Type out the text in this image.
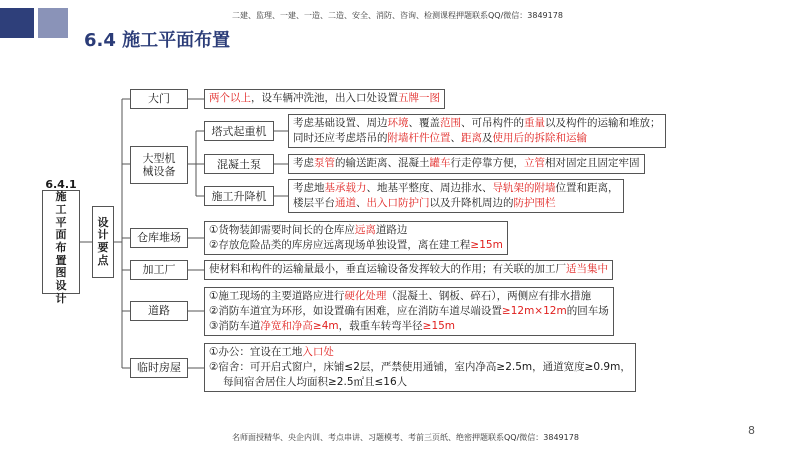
二建、监理、一建、一造、二造、安全、消防、咨询、检测课程押题联系QQ/微信：3849178
6.4 施工平面布置
6.4.1
施工平面布置图设计
设计要点
大门
大型机械设备
仓库堆场
加工厂
道路
临时房屋
塔式起重机
混凝土泵
施工升降机
两个以上，设车辆冲洗池，出入口处设置五牌一图
考虑基础设置、周边环境、覆盖范围、可吊构件的重量以及构件的运输和堆放；
同时还应考虑塔吊的附墙杆件位置、距离及使用后的拆除和运输
考虑泵管的输送距离、混凝土罐车行走停靠方便，立管相对固定且固定牢固
考虑地基承载力、地基平整度、周边排水、导轨架的附墙位置和距离，
楼层平台通道、出入口防护门以及升降机周边的防护围栏
①货物装卸需要时间长的仓库应远离道路边
②存放危险品类的库房应远离现场单独设置，离在建工程≥15m
使材料和构件的运输量最小，垂直运输设备发挥较大的作用；有关联的加工厂适当集中
①施工现场的主要道路应进行硬化处理（混凝土、钢板、碎石），两侧应有排水措施
②消防车道宜为环形，如设置确有困难，应在消防车道尽端设置≥12m×12m的回车场
③消防车道净宽和净高≥4m，载重车转弯半径≥15m
①办公：宜设在工地入口处
②宿舍：可开启式窗户，床铺≤2层，严禁使用通铺，室内净高≥2.5m，通道宽度≥0.9m，
每间宿舍居住人均面积≥2.5㎡且≤16人
8
名师面授精华、央企内训、考点串讲、习题模考、考前三页纸、绝密押题联系QQ/微信：3849178
